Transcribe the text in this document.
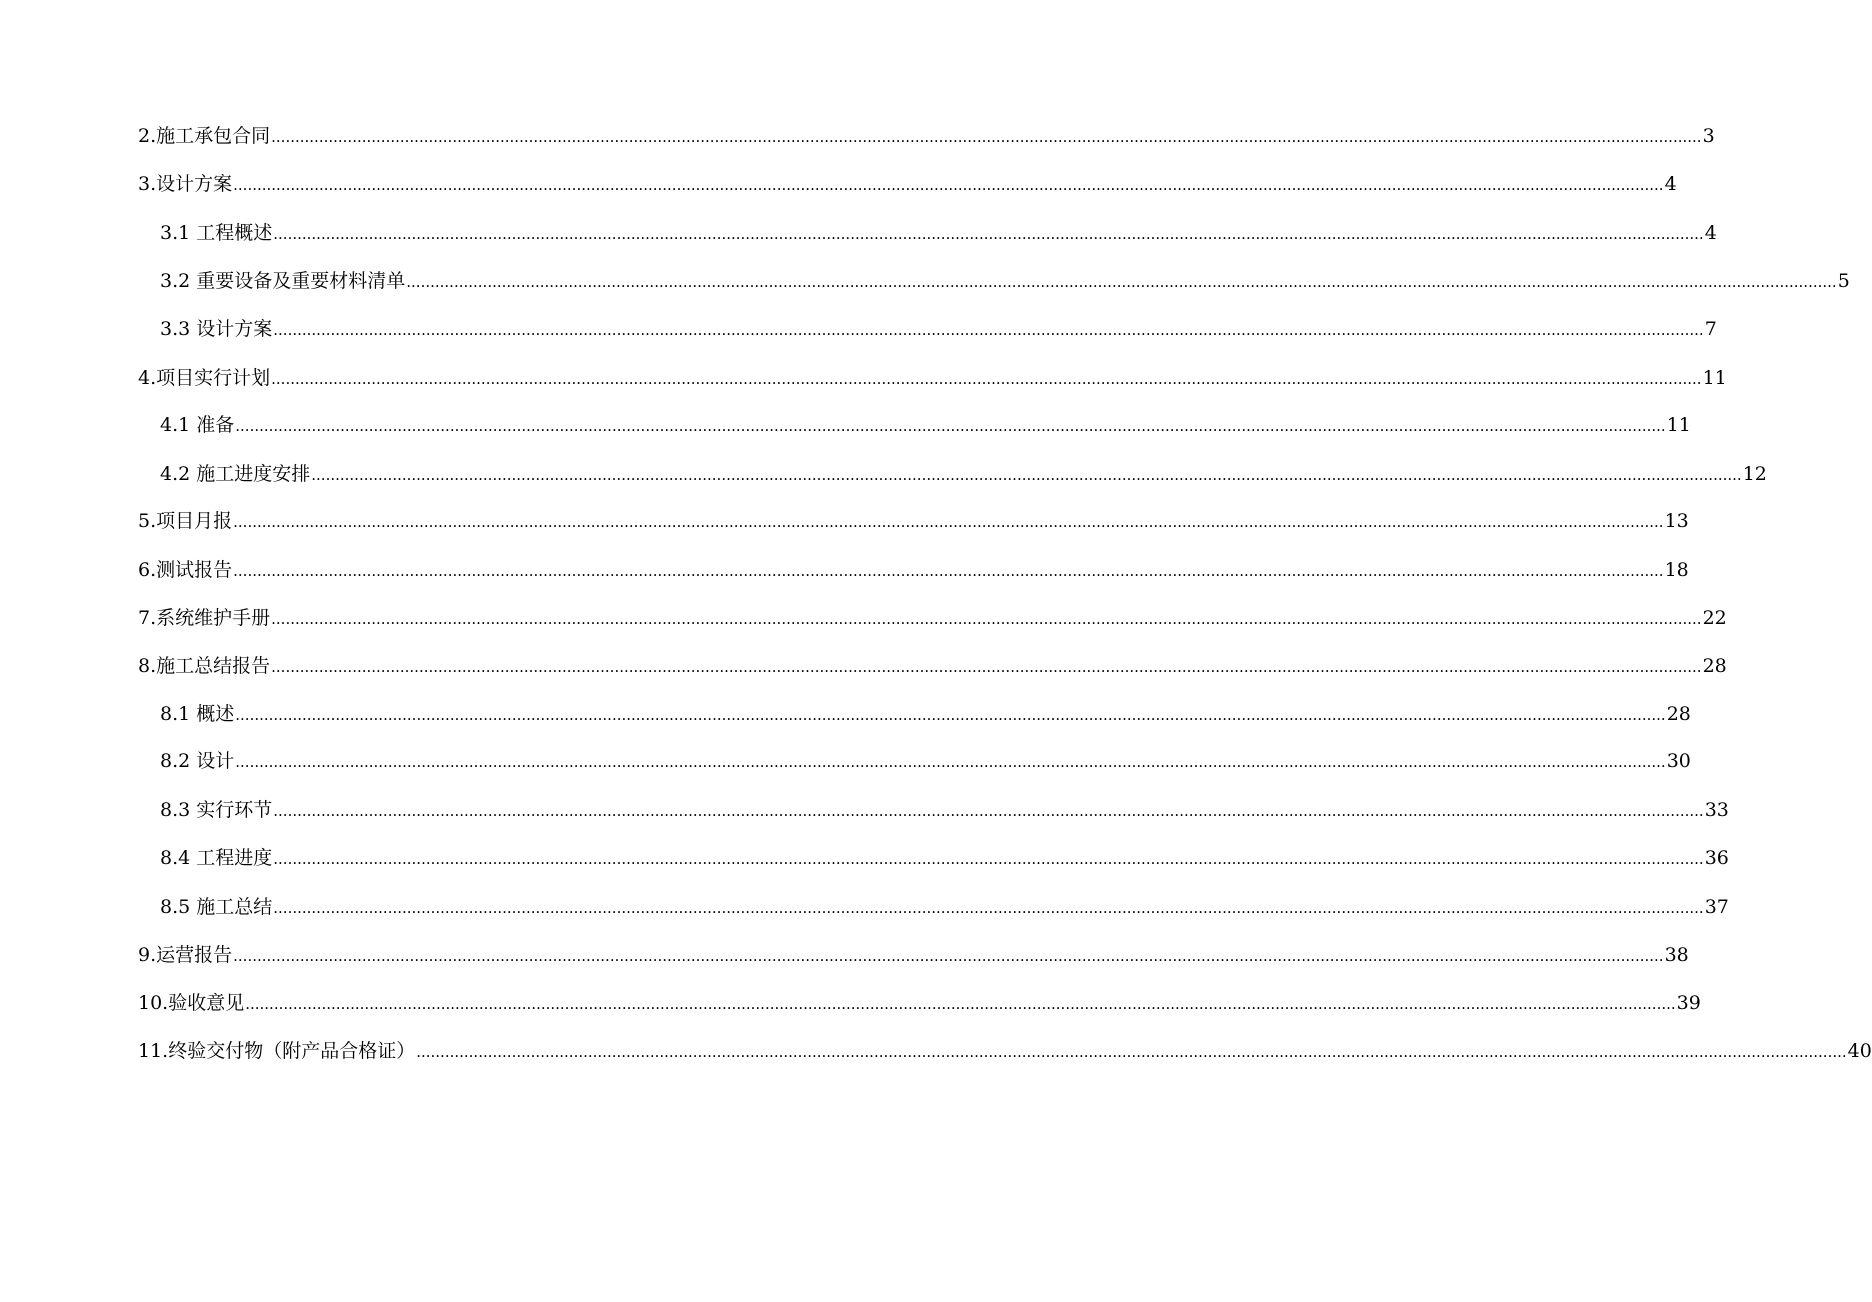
2.施工承包合同 ............................................................................................................................................................................................................................................................................................................ 3
3.设计方案 ............................................................................................................................................................................................................................................................................................................ 4
3.1 工程概述 ............................................................................................................................................................................................................................................................................................................ 4
3.2 重要设备及重要材料清单 ............................................................................................................................................................................................................................................................................................................ 5
3.3 设计方案 ............................................................................................................................................................................................................................................................................................................ 7
4.项目实行计划 ............................................................................................................................................................................................................................................................................................................ 11
4.1 准备 ............................................................................................................................................................................................................................................................................................................ 11
4.2 施工进度安排 ............................................................................................................................................................................................................................................................................................................ 12
5.项目月报 ............................................................................................................................................................................................................................................................................................................ 13
6.测试报告 ............................................................................................................................................................................................................................................................................................................ 18
7.系统维护手册 ............................................................................................................................................................................................................................................................................................................ 22
8.施工总结报告 ............................................................................................................................................................................................................................................................................................................ 28
8.1 概述 ............................................................................................................................................................................................................................................................................................................ 28
8.2 设计 ............................................................................................................................................................................................................................................................................................................ 30
8.3 实行环节 ............................................................................................................................................................................................................................................................................................................ 33
8.4 工程进度 ............................................................................................................................................................................................................................................................................................................ 36
8.5 施工总结 ............................................................................................................................................................................................................................................................................................................ 37
9.运营报告 ............................................................................................................................................................................................................................................................................................................ 38
10.验收意见 ............................................................................................................................................................................................................................................................................................................ 39
11.终验交付物（附产品合格证） ............................................................................................................................................................................................................................................................................................................ 40
